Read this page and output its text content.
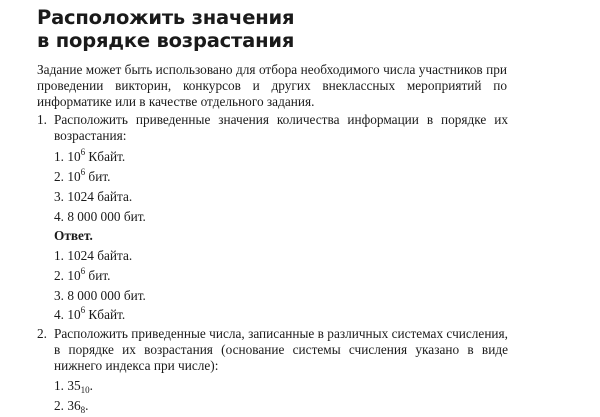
Расположить значения
в порядке возрастания

Задание может быть использовано для отбора необходимого числа участников при проведении викторин, конкурсов и других внеклассных мероприятий по информатике или в качестве отдельного задания.

1. Расположить приведенные значения количества информации в порядке их возрастания:

1. $10^6$ Кбайт.

2. $10^6$ бит.

3. 1024 байта.

4. 8 000 000 бит.

Ответ.

1. 1024 байта.

2. $10^6$ бит.

3. 8 000 000 бит.

4. $10^6$ Кбайт.

2. Расположить приведенные числа, записанные в различных системах счисления, в порядке их возрастания (основание системы счисления указано в виде нижнего индекса при числе):

1. $35_{10}$.

2. $36_8$.
